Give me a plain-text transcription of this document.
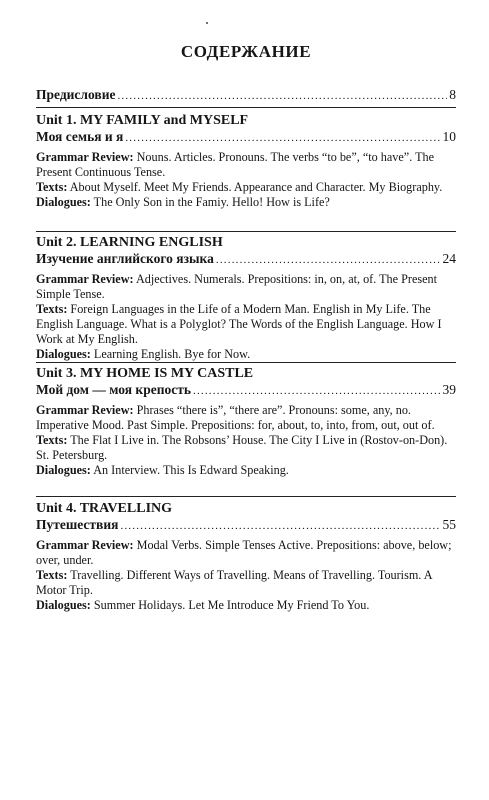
СОДЕРЖАНИЕ
Предисловие .....	8
Unit 1. MY FAMILY and MYSELF
Моя семья и я .....	10

Grammar Review: Nouns. Articles. Pronouns. The verbs “to be”, “to have”. The Present Continuous Tense.

Texts: About Myself. Meet My Friends. Appearance and Character. My Biography.

Dialogues: The Only Son in the Famiy. Hello! How is Life?

Unit 2. LEARNING ENGLISH
Изучение английского языка .....	24

Grammar Review: Adjectives. Numerals. Prepositions: in, on, at, of. The Present Simple Tense.

Texts: Foreign Languages in the Life of a Modern Man. English in My Life. The English Language. What is a Polyglot? The Words of the English Language. How I Work at My English.

Dialogues: Learning English. Bye for Now.

Unit 3. MY HOME IS MY CASTLE
Мой дом — моя крепость .....	39

Grammar Review: Phrases “there is”, “there are”. Pronouns: some, any, no. Imperative Mood. Past Simple. Prepositions: for, about, to, into, from, out, out of.

Texts: The Flat I Live in. The Robsons’ House. The City I Live in (Rostov-on-Don). St. Petersburg.

Dialogues: An Interview. This Is Edward Speaking.

Unit 4. TRAVELLING
Путешествия .....	55

Grammar Review: Modal Verbs. Simple Tenses Active. Prepositions: above, below; over, under.

Texts: Travelling. Different Ways of Travelling. Means of Travelling. Tourism. A Motor Trip.

Dialogues: Summer Holidays. Let Me Introduce My Friend To You.
